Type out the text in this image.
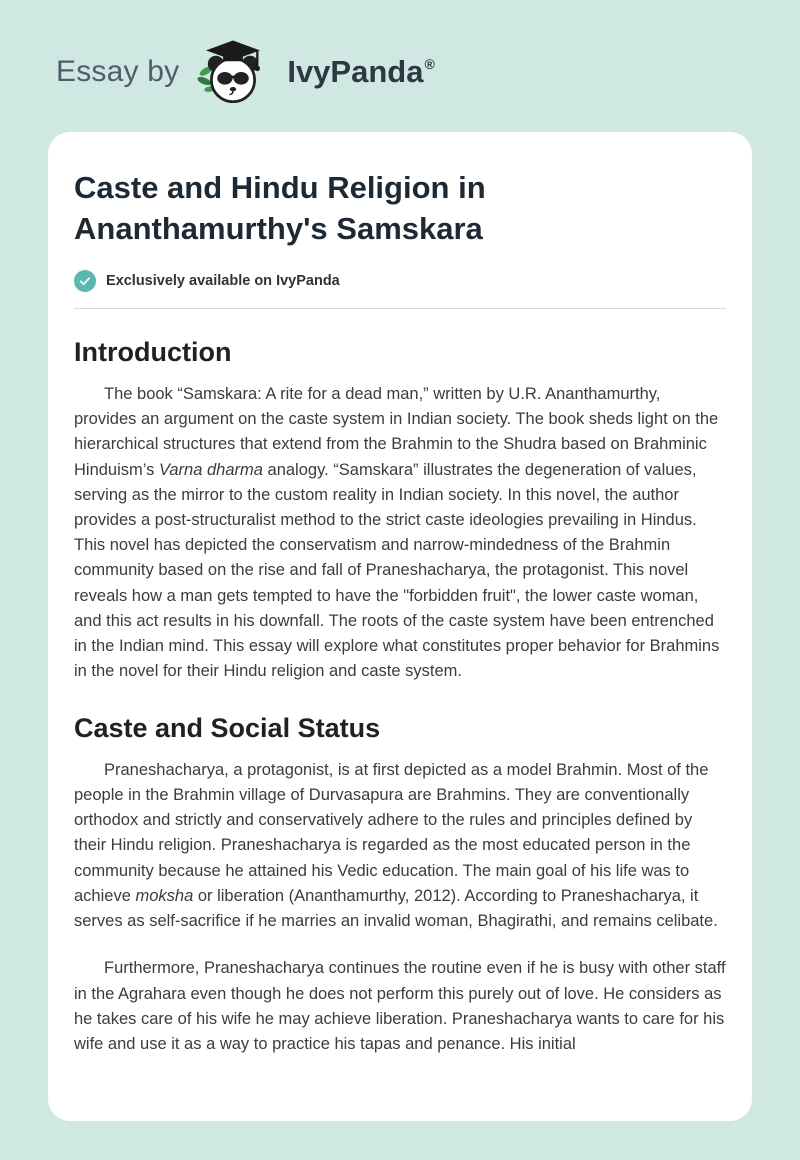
Essay by	IvyPanda ®
Caste and Hindu Religion in Ananthamurthy's Samskara
Exclusively available on IvyPanda
Introduction

The book “Samskara: A rite for a dead man,” written by U.R. Ananthamurthy, provides an argument on the caste system in Indian society. The book sheds light on the hierarchical structures that extend from the Brahmin to the Shudra based on Brahminic Hinduism’s Varna dharma analogy. “Samskara” illustrates the degeneration of values, serving as the mirror to the custom reality in Indian society. In this novel, the author provides a post-structuralist method to the strict caste ideologies prevailing in Hindus. This novel has depicted the conservatism and narrow-mindedness of the Brahmin community based on the rise and fall of Praneshacharya, the protagonist. This novel reveals how a man gets tempted to have the "forbidden fruit", the lower caste woman, and this act results in his downfall. The roots of the caste system have been entrenched in the Indian mind. This essay will explore what constitutes proper behavior for Brahmins in the novel for their Hindu religion and caste system.

Caste and Social Status

Praneshacharya, a protagonist, is at first depicted as a model Brahmin. Most of the people in the Brahmin village of Durvasapura are Brahmins. They are conventionally orthodox and strictly and conservatively adhere to the rules and principles defined by their Hindu religion. Praneshacharya is regarded as the most educated person in the community because he attained his Vedic education. The main goal of his life was to achieve moksha or liberation (Ananthamurthy, 2012). According to Praneshacharya, it serves as self-sacrifice if he marries an invalid woman, Bhagirathi, and remains celibate.

Furthermore, Praneshacharya continues the routine even if he is busy with other staff in the Agrahara even though he does not perform this purely out of love. He considers as he takes care of his wife he may achieve liberation. Praneshacharya wants to care for his wife and use it as a way to practice his tapas and penance. His initial
